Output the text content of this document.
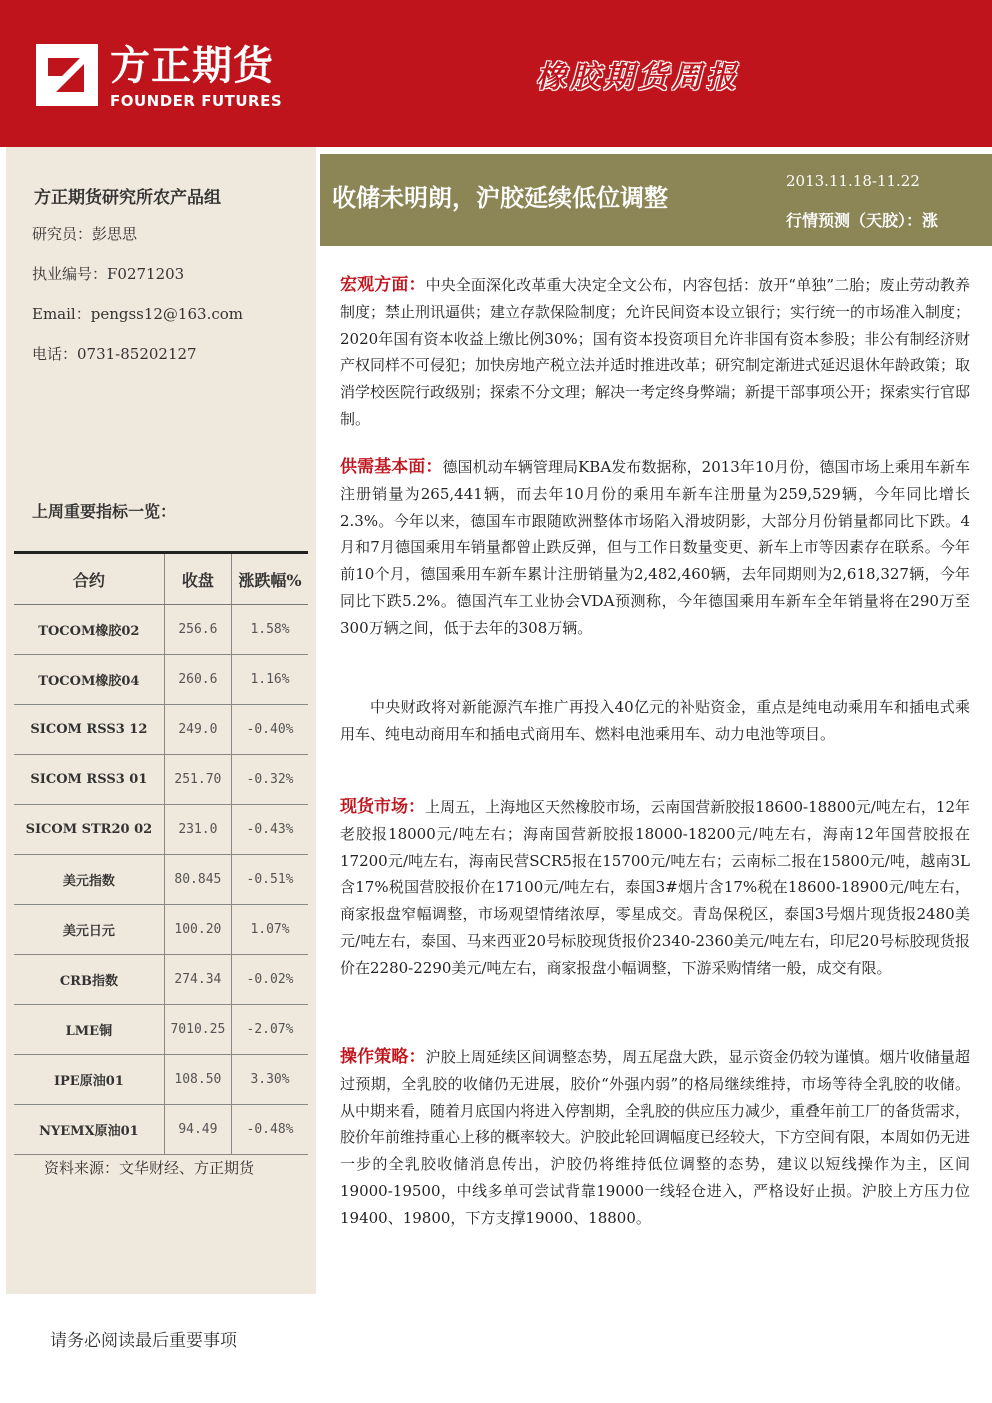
方正期货
FOUNDER FUTURES
橡胶期货周报
方正期货研究所农产品组
研究员：彭思思
执业编号：F0271203
Email：pengss12@163.com
电话：0731-85202127
上周重要指标一览：
合约	收盘	涨跌幅%
TOCOM橡胶02	256.6	1.58%
TOCOM橡胶04	260.6	1.16%
SICOM RSS3 12	249.0	-0.40%
SICOM RSS3 01	251.70	-0.32%
SICOM STR20 02	231.0	-0.43%
美元指数	80.845	-0.51%
美元日元	100.20	1.07%
CRB指数	274.34	-0.02%
LME铜	7010.25	-2.07%
IPE原油01	108.50	3.30%
NYEMX原油01	94.49	-0.48%
资料来源：文华财经、方正期货
收储未明朗，沪胶延续低位调整
2013.11.18-11.22
行情预测（天胶）：涨

宏观方面：中央全面深化改革重大决定全文公布，内容包括：放开“单独”二胎；废止劳动教养制度；禁止刑讯逼供；建立存款保险制度；允许民间资本设立银行；实行统一的市场准入制度；2020年国有资本收益上缴比例30%；国有资本投资项目允许非国有资本参股；非公有制经济财产权同样不可侵犯；加快房地产税立法并适时推进改革；研究制定渐进式延迟退休年龄政策；取消学校医院行政级别；探索不分文理；解决一考定终身弊端；新提干部事项公开；探索实行官邸制。

供需基本面：德国机动车辆管理局KBA发布数据称，2013年10月份，德国市场上乘用车新车注册销量为265,441辆，而去年10月份的乘用车新车注册量为259,529辆，今年同比增长2.3%。今年以来，德国车市跟随欧洲整体市场陷入滑坡阴影，大部分月份销量都同比下跌。4月和7月德国乘用车销量都曾止跌反弹，但与工作日数量变更、新车上市等因素存在联系。今年前10个月，德国乘用车新车累计注册销量为2,482,460辆，去年同期则为2,618,327辆，今年同比下跌5.2%。德国汽车工业协会VDA预测称，今年德国乘用车新车全年销量将在290万至300万辆之间，低于去年的308万辆。

中央财政将对新能源汽车推广再投入40亿元的补贴资金，重点是纯电动乘用车和插电式乘用车、纯电动商用车和插电式商用车、燃料电池乘用车、动力电池等项目。

现货市场：上周五，上海地区天然橡胶市场，云南国营新胶报18600-18800元/吨左右，12年老胶报18000元/吨左右；海南国营新胶报18000-18200元/吨左右，海南12年国营胶报在17200元/吨左右，海南民营SCR5报在15700元/吨左右；云南标二报在15800元/吨，越南3L含17%税国营胶报价在17100元/吨左右，泰国3#烟片含17%税在18600-18900元/吨左右，商家报盘窄幅调整，市场观望情绪浓厚，零星成交。青岛保税区，泰国3号烟片现货报2480美元/吨左右，泰国、马来西亚20号标胶现货报价2340-2360美元/吨左右，印尼20号标胶现货报价在2280-2290美元/吨左右，商家报盘小幅调整，下游采购情绪一般，成交有限。

操作策略：沪胶上周延续区间调整态势，周五尾盘大跌，显示资金仍较为谨慎。烟片收储量超过预期，全乳胶的收储仍无进展，胶价“外强内弱”的格局继续维持，市场等待全乳胶的收储。从中期来看，随着月底国内将进入停割期，全乳胶的供应压力减少，重叠年前工厂的备货需求，胶价年前维持重心上移的概率较大。沪胶此轮回调幅度已经较大，下方空间有限，本周如仍无进一步的全乳胶收储消息传出，沪胶仍将维持低位调整的态势，建议以短线操作为主，区间19000-19500，中线多单可尝试背靠19000一线轻仓进入，严格设好止损。沪胶上方压力位19400、19800，下方支撑19000、18800。

请务必阅读最后重要事项
